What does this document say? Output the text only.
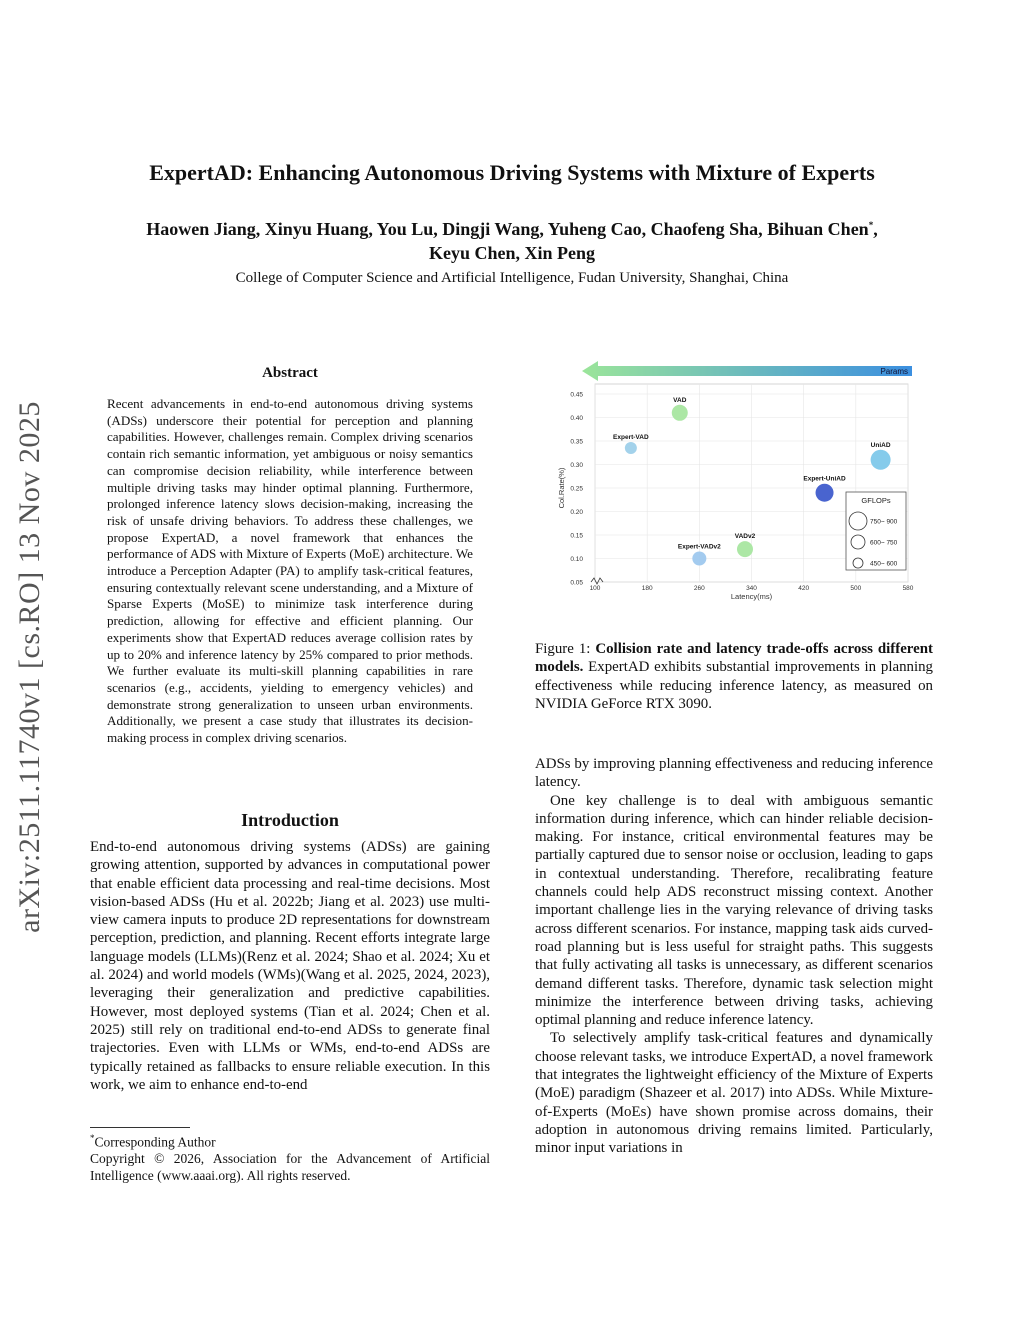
ExpertAD: Enhancing Autonomous Driving Systems with Mixture of Experts
Haowen Jiang, Xinyu Huang, You Lu, Dingji Wang, Yuheng Cao, Chaofeng Sha, Bihuan Chen*,
Keyu Chen, Xin Peng
College of Computer Science and Artificial Intelligence, Fudan University, Shanghai, China
arXiv:2511.11740v1 [cs.RO] 13 Nov 2025
Abstract
Recent advancements in end-to-end autonomous driving systems (ADSs) underscore their potential for perception and planning capabilities. However, challenges remain. Complex driving scenarios contain rich semantic information, yet ambiguous or noisy semantics can compromise decision reliability, while interference between multiple driving tasks may hinder optimal planning. Furthermore, prolonged inference latency slows decision-making, increasing the risk of unsafe driving behaviors. To address these challenges, we propose ExpertAD, a novel framework that enhances the performance of ADS with Mixture of Experts (MoE) architecture. We introduce a Perception Adapter (PA) to amplify task-critical features, ensuring contextually relevant scene understanding, and a Mixture of Sparse Experts (MoSE) to minimize task interference during prediction, allowing for effective and efficient planning. Our experiments show that ExpertAD reduces average collision rates by up to 20% and inference latency by 25% compared to prior methods. We further evaluate its multi-skill planning capabilities in rare scenarios (e.g., accidents, yielding to emergency vehicles) and demonstrate strong generalization to unseen urban environments. Additionally, we present a case study that illustrates its decision-making process in complex driving scenarios.
Introduction
End-to-end autonomous driving systems (ADSs) are gaining growing attention, supported by advances in computational power that enable efficient data processing and real-time decisions. Most vision-based ADSs (Hu et al. 2022b; Jiang et al. 2023) use multi-view camera inputs to produce 2D representations for downstream perception, prediction, and planning. Recent efforts integrate large language models (LLMs)(Renz et al. 2024; Shao et al. 2024; Xu et al. 2024) and world models (WMs)(Wang et al. 2025, 2024, 2023), leveraging their generalization and predictive capabilities. However, most deployed systems (Tian et al. 2024; Chen et al. 2025) still rely on traditional end-to-end ADSs to generate final trajectories. Even with LLMs or WMs, end-to-end ADSs are typically retained as fallbacks to ensure reliable execution. In this work, we aim to enhance end-to-end
*Corresponding Author
Copyright © 2026, Association for the Advancement of Artificial Intelligence (www.aaai.org). All rights reserved.
Params
0.05
0.10
0.15
0.20
0.25
0.30
0.35
0.40
0.45
100	180	260	340	420	500	580
Latency(ms)
Col.Rate(%)
VAD
Expert-VAD
UniAD
Expert-UniAD
VADv2
Expert-VADv2
GFLOPs
750~ 900
600~ 750
450~ 600
Figure 1: Collision rate and latency trade-offs across different models. ExpertAD exhibits substantial improvements in planning effectiveness while reducing inference latency, as measured on NVIDIA GeForce RTX 3090.

ADSs by improving planning effectiveness and reducing inference latency.

One key challenge is to deal with ambiguous semantic information during inference, which can hinder reliable decision-making. For instance, critical environmental features may be partially captured due to sensor noise or occlusion, leading to gaps in contextual understanding. Therefore, recalibrating feature channels could help ADS reconstruct missing context. Another important challenge lies in the varying relevance of driving tasks across different scenarios. For instance, mapping task aids curved-road planning but is less useful for straight paths. This suggests that fully activating all tasks is unnecessary, as different scenarios demand different tasks. Therefore, dynamic task selection might minimize the interference between driving tasks, achieving optimal planning and reduce inference latency.

To selectively amplify task-critical features and dynamically choose relevant tasks, we introduce ExpertAD, a novel framework that integrates the lightweight efficiency of the Mixture of Experts (MoE) paradigm (Shazeer et al. 2017) into ADSs. While Mixture-of-Experts (MoEs) have shown promise across domains, their adoption in autonomous driving remains limited. Particularly, minor input variations in
